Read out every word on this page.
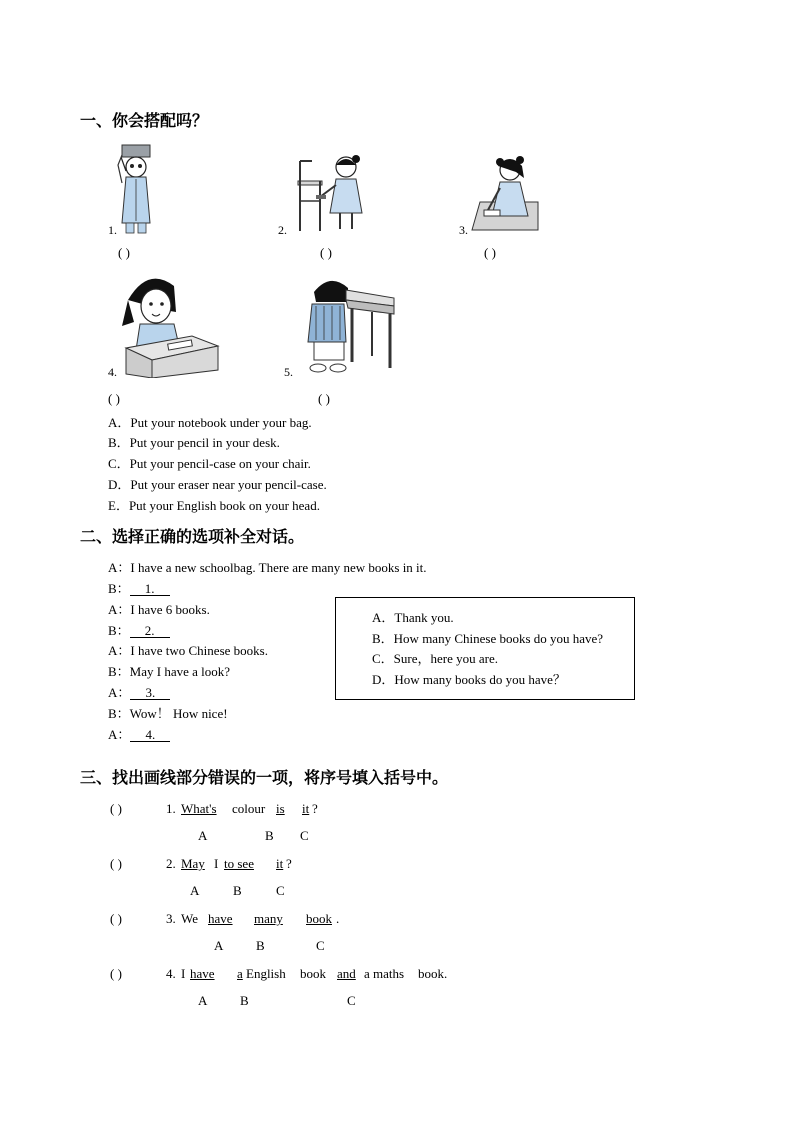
一、你会搭配吗？
1.
( )
2.
( )
3.
( )
4.
( )
5.
( )
A．Put your notebook under your bag.
B．Put your pencil in your desk.
C．Put your pencil-case on your chair.
D．Put your eraser near your pencil-case.
E．Put your English book on your head.
二、选择正确的选项补全对话。
A：I have a new schoolbag. There are many new books in it.
B： 1.
A：I have 6 books.
B： 2.
A：I have two Chinese books.
B：May I have a look?
A： 3.
B：Wow！ How nice!
A： 4.
A．Thank you.
B．How many Chinese books do you have?
C．Sure，here you are.
D．How many books do you have？
三、找出画线部分错误的一项，将序号填入括号中。
( )	1. What's colour is it ?
A	B C
( )	2. May I to see it ?
A	B	C
( )	3. We have many book .
A	B	C
( )	4. I have a English book and a maths book.
A	B	C
